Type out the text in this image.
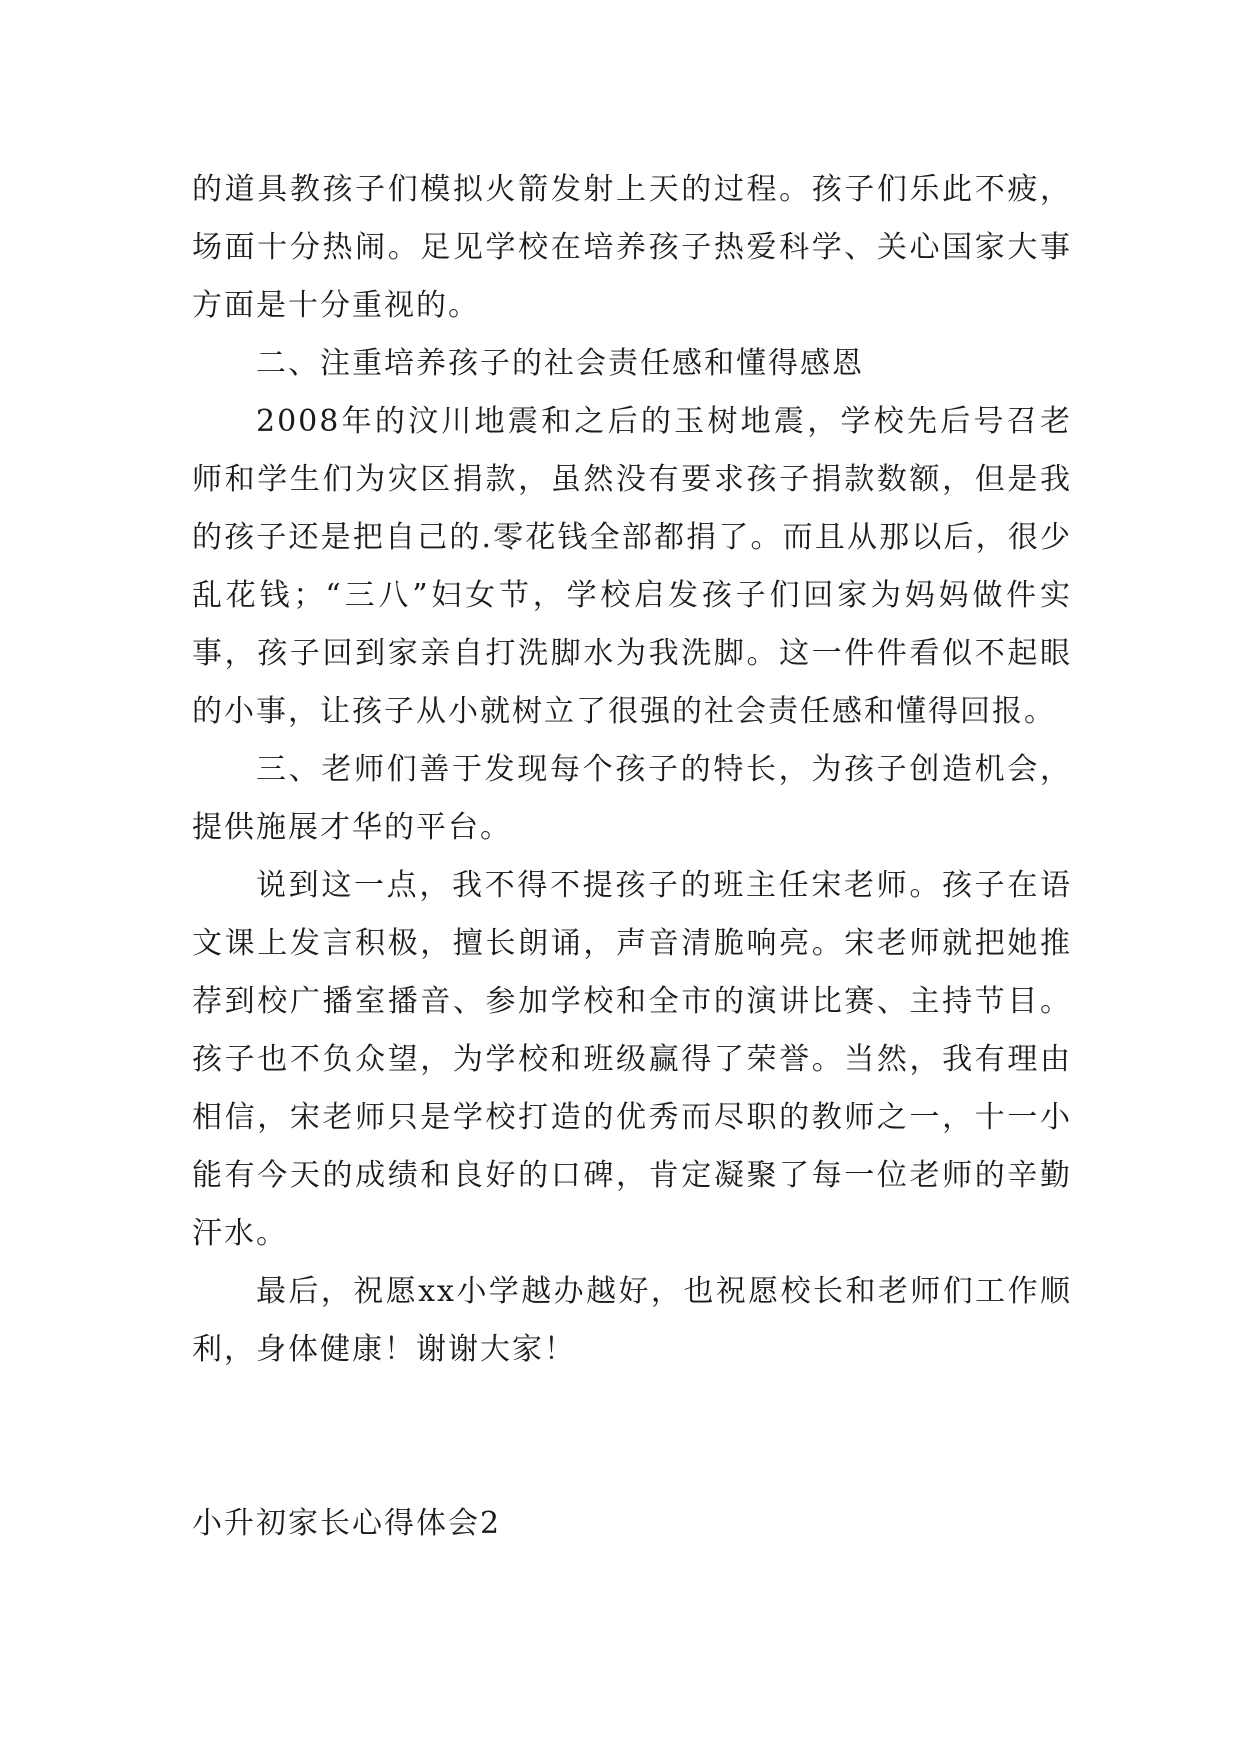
的道具教孩子们模拟火箭发射上天的过程。孩子们乐此不疲，场面十分热闹。足见学校在培养孩子热爱科学、关心国家大事方面是十分重视的。

二、注重培养孩子的社会责任感和懂得感恩

2008年的汶川地震和之后的玉树地震，学校先后号召老师和学生们为灾区捐款，虽然没有要求孩子捐款数额，但是我的孩子还是把自己的.零花钱全部都捐了。而且从那以后，很少乱花钱；“三八”妇女节，学校启发孩子们回家为妈妈做件实事，孩子回到家亲自打洗脚水为我洗脚。这一件件看似不起眼的小事，让孩子从小就树立了很强的社会责任感和懂得回报。

三、老师们善于发现每个孩子的特长，为孩子创造机会，提供施展才华的平台。

说到这一点，我不得不提孩子的班主任宋老师。孩子在语文课上发言积极，擅长朗诵，声音清脆响亮。宋老师就把她推荐到校广播室播音、参加学校和全市的演讲比赛、主持节目。孩子也不负众望，为学校和班级赢得了荣誉。当然，我有理由相信，宋老师只是学校打造的优秀而尽职的教师之一，十一小能有今天的成绩和良好的口碑，肯定凝聚了每一位老师的辛勤汗水。

最后，祝愿xx小学越办越好，也祝愿校长和老师们工作顺利，身体健康！谢谢大家！

小升初家长心得体会2
